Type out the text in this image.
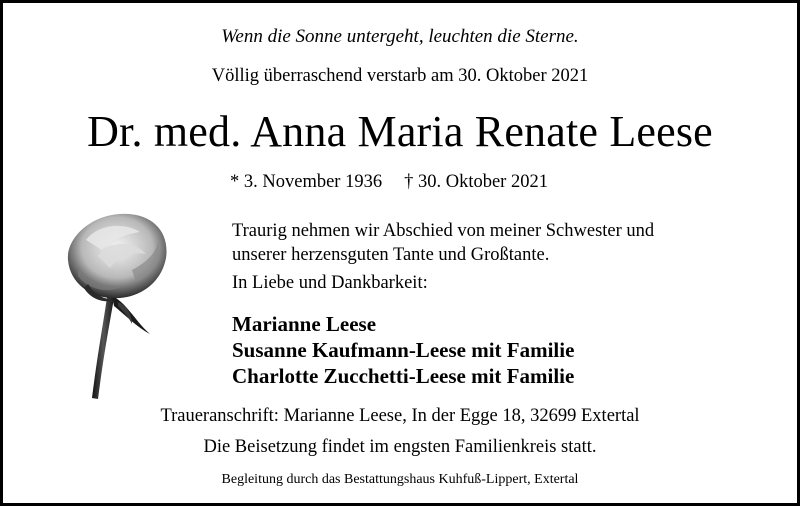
Wenn die Sonne untergeht, leuchten die Sterne.
Völlig überraschend verstarb am 30. Oktober 2021
Dr. med. Anna Maria Renate Leese
* 3. November 1936 † 30. Oktober 2021
Traurig nehmen wir Abschied von meiner Schwester und
unserer herzensguten Tante und Großtante.
In Liebe und Dankbarkeit:
Marianne Leese
Susanne Kaufmann-Leese mit Familie
Charlotte Zucchetti-Leese mit Familie
Traueranschrift: Marianne Leese, In der Egge 18, 32699 Extertal
Die Beisetzung findet im engsten Familienkreis statt.
Begleitung durch das Bestattungshaus Kuhfuß-Lippert, Extertal
